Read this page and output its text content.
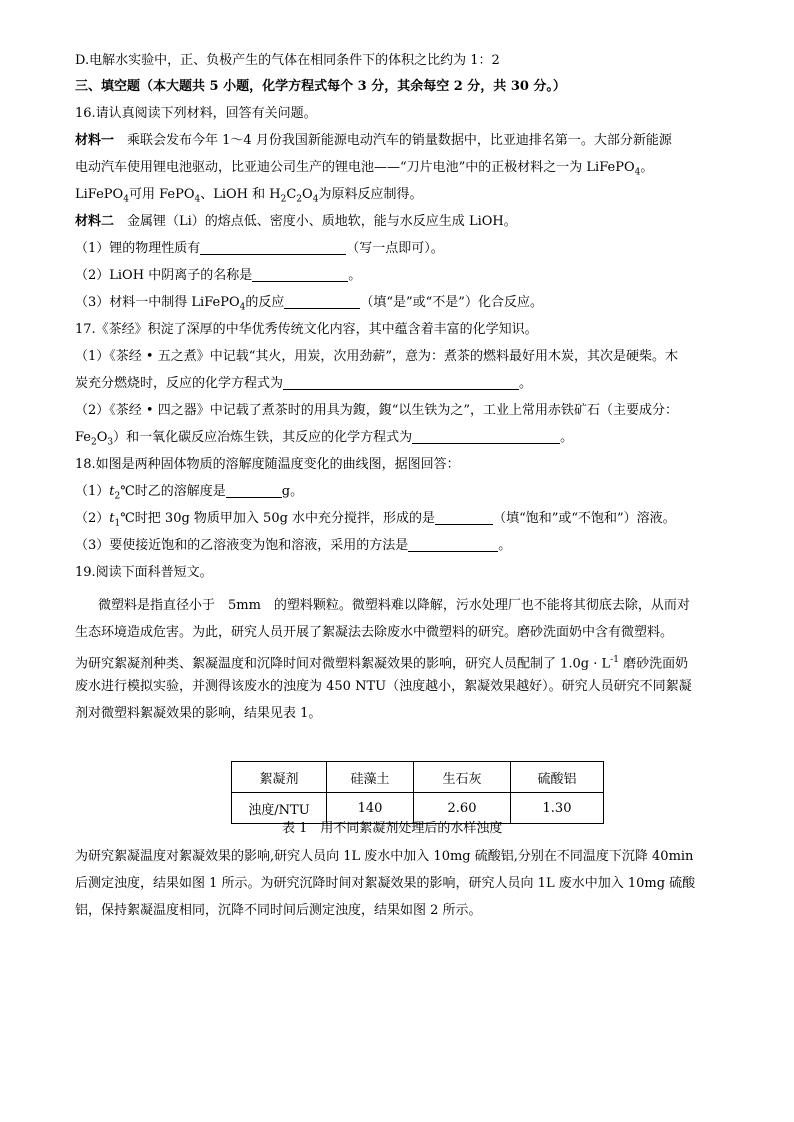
D.电解水实验中，正、负极产生的气体在相同条件下的体积之比约为 1：2
三、填空题（本大题共 5 小题，化学方程式每个 3 分，其余每空 2 分，共 30 分。）
16.请认真阅读下列材料，回答有关问题。
材料一　乘联会发布今年 1～4 月份我国新能源电动汽车的销量数据中，比亚迪排名第一。大部分新能源
电动汽车使用锂电池驱动，比亚迪公司生产的锂电池——“刀片电池”中的正极材料之一为 LiFePO$_4$。
LiFePO$_4$可用 FePO$_4$、LiOH 和 $H_2C_2O_4$为原料反应制得。
材料二　金属锂（Li）的熔点低、密度小、质地软，能与水反应生成 LiOH。
（1）锂的物理性质有	（写一点即可）。
（2）LiOH 中阴离子的名称是	。
（3）材料一中制得 LiFePO$_4$的反应	（填“是”或“不是”）化合反应。
17.《茶经》积淀了深厚的中华优秀传统文化内容，其中蕴含着丰富的化学知识。
（1）《茶经 • 五之煮》中记载“其火，用炭，次用劲薪”，意为：煮茶的燃料最好用木炭，其次是硬柴。木
炭充分燃烧时，反应的化学方程式为	。
（2）《茶经 • 四之器》中记载了煮茶时的用具为鍑，鍑“以生铁为之”，工业上常用赤铁矿石（主要成分：
$Fe_2O_3$）和一氧化碳反应冶炼生铁，其反应的化学方程式为	。
18.如图是两种固体物质的溶解度随温度变化的曲线图，据图回答：
$(1)t_2℃$时乙的溶解度是	g。
$(2)t_1℃$时把 30g 物质甲加入 50g 水中充分搅拌，形成的是	（填“饱和”或“不饱和”）溶液。
（3）要使接近饱和的乙溶液变为饱和溶液，采用的方法是	。
19.阅读下面科普短文。
微塑料是指直径小于　5mm　的塑料颗粒。微塑料难以降解，污水处理厂也不能将其彻底去除，从而对
生态环境造成危害。为此，研究人员开展了絮凝法去除废水中微塑料的研究。磨砂洗面奶中含有微塑料。
为研究絮凝剂种类、絮凝温度和沉降时间对微塑料絮凝效果的影响，研究人员配制了 $1.0g \cdot L^{-1}$ 磨砂洗面奶
废水进行模拟实验，并测得该废水的浊度为 450 NTU（浊度越小，絮凝效果越好）。研究人员研究不同絮凝
剂对微塑料絮凝效果的影响，结果见表 1。
絮凝剂	硅藻土	生石灰	硫酸铝
浊度/NTU	140	2.60	1.30
表 1　用不同絮凝剂处理后的水样浊度
为研究絮凝温度对絮凝效果的影响,研究人员向 1L 废水中加入 10mg 硫酸铝,分别在不同温度下沉降 40min
后测定浊度，结果如图 1 所示。为研究沉降时间对絮凝效果的影响，研究人员向 1L 废水中加入 10mg 硫酸
铝，保持絮凝温度相同，沉降不同时间后测定浊度，结果如图 2 所示。
